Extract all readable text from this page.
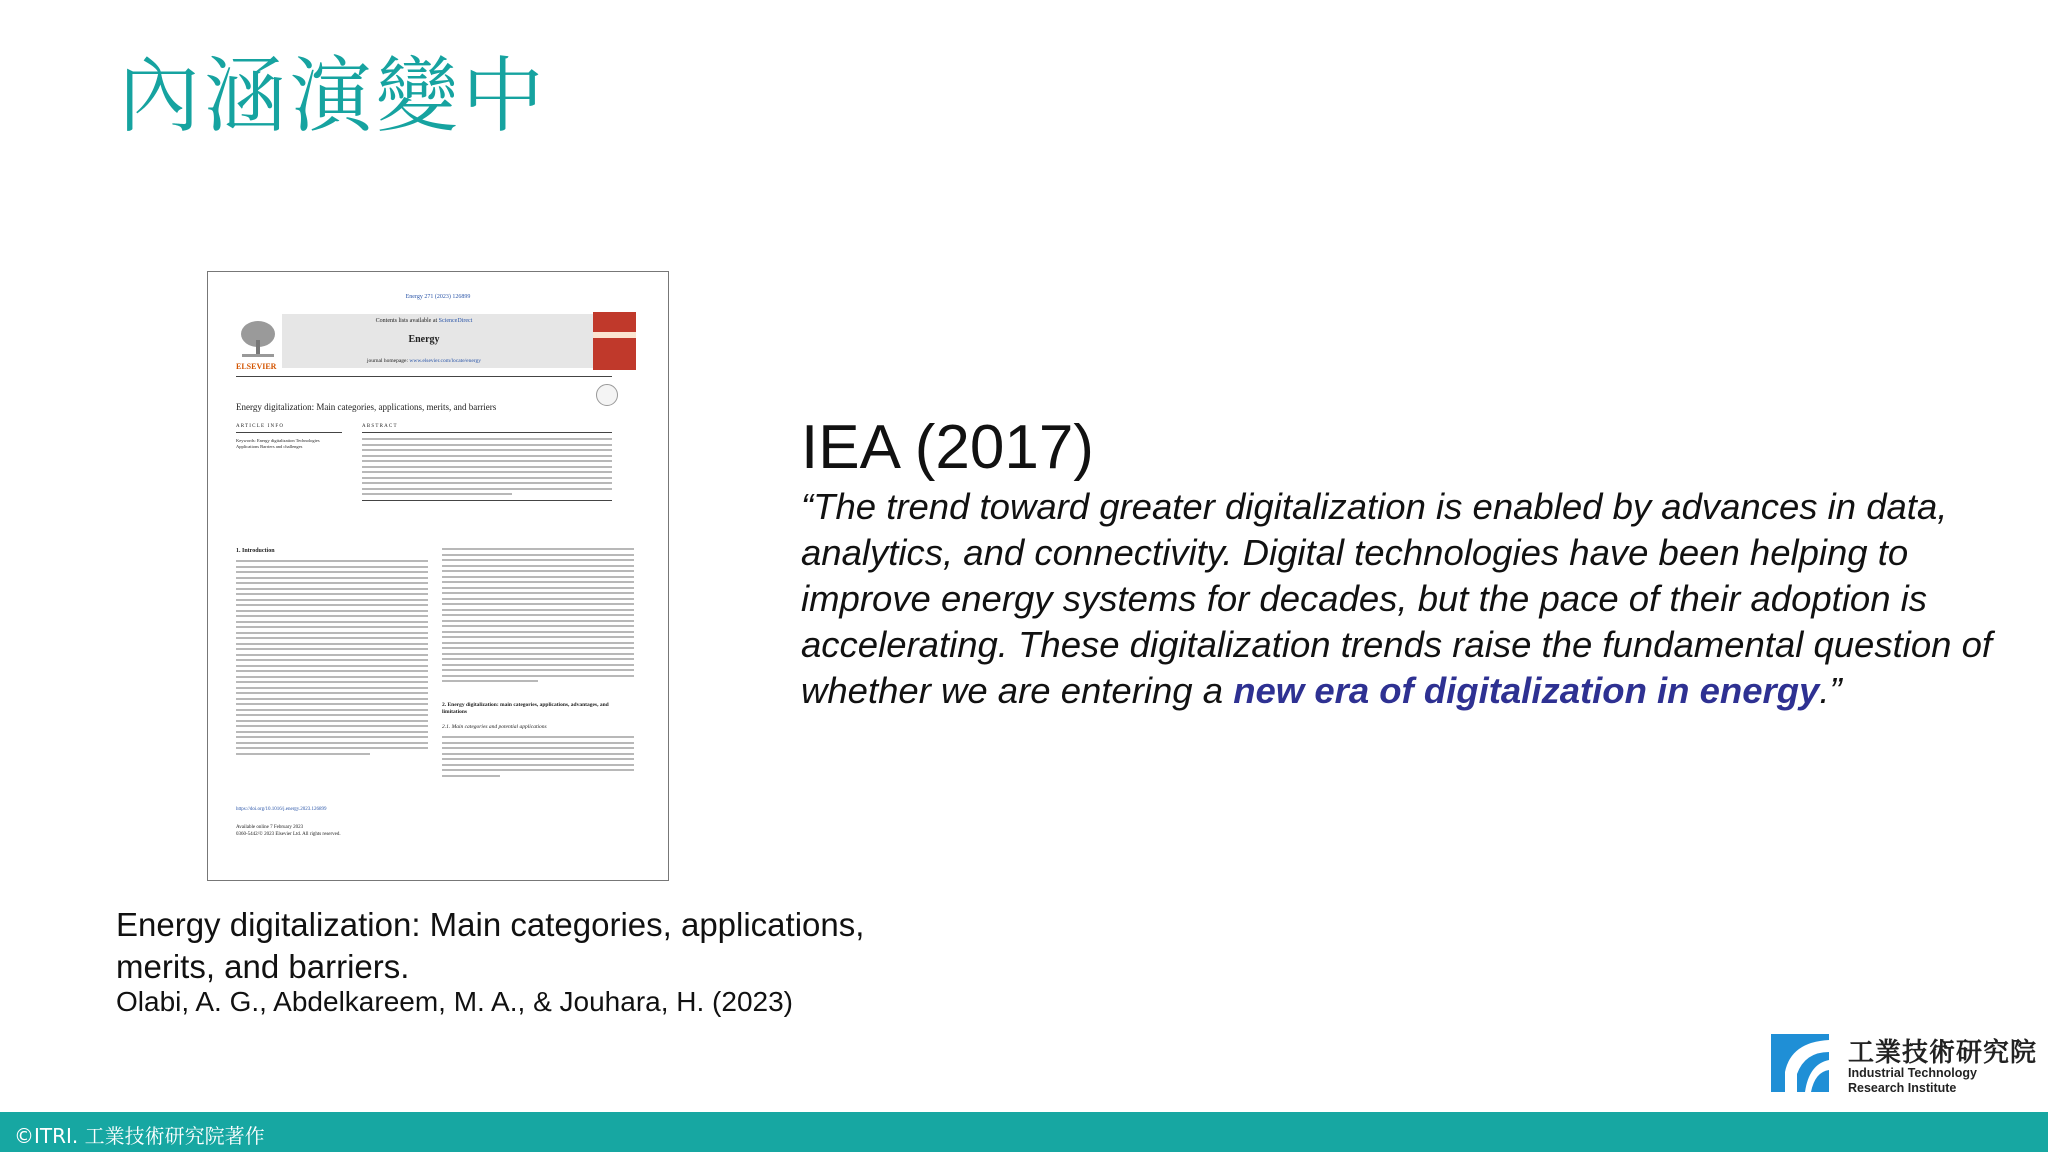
內涵演變中
Energy 271 (2023) 126899
Contents lists available at ScienceDirect
Energy
journal homepage: www.elsevier.com/locate/energy
ELSEVIER
Energy digitalization: Main categories, applications, merits, and barriers
ARTICLE INFO	ABSTRACT
Keywords: Energy digitalization Technologies Applications Barriers and challenges
1. Introduction
2. Energy digitalization: main categories, applications, advantages, and limitations
2.1. Main categories and potential applications
https://doi.org/10.1016/j.energy.2023.126899
Available online 7 February 2023
0360-5442/© 2023 Elsevier Ltd. All rights reserved.
Energy digitalization: Main categories, applications, merits, and barriers.
Olabi, A. G., Abdelkareem, M. A., & Jouhara, H. (2023)
IEA (2017)
“The trend toward greater digitalization is enabled by advances in data, analytics, and connectivity. Digital technologies have been helping to improve energy systems for decades, but the pace of their adoption is accelerating. These digitalization trends raise the fundamental question of whether we are entering a new era of digitalization in energy.”
工業技術研究院
Industrial Technology
Research Institute
©ITRI. 工業技術研究院著作
